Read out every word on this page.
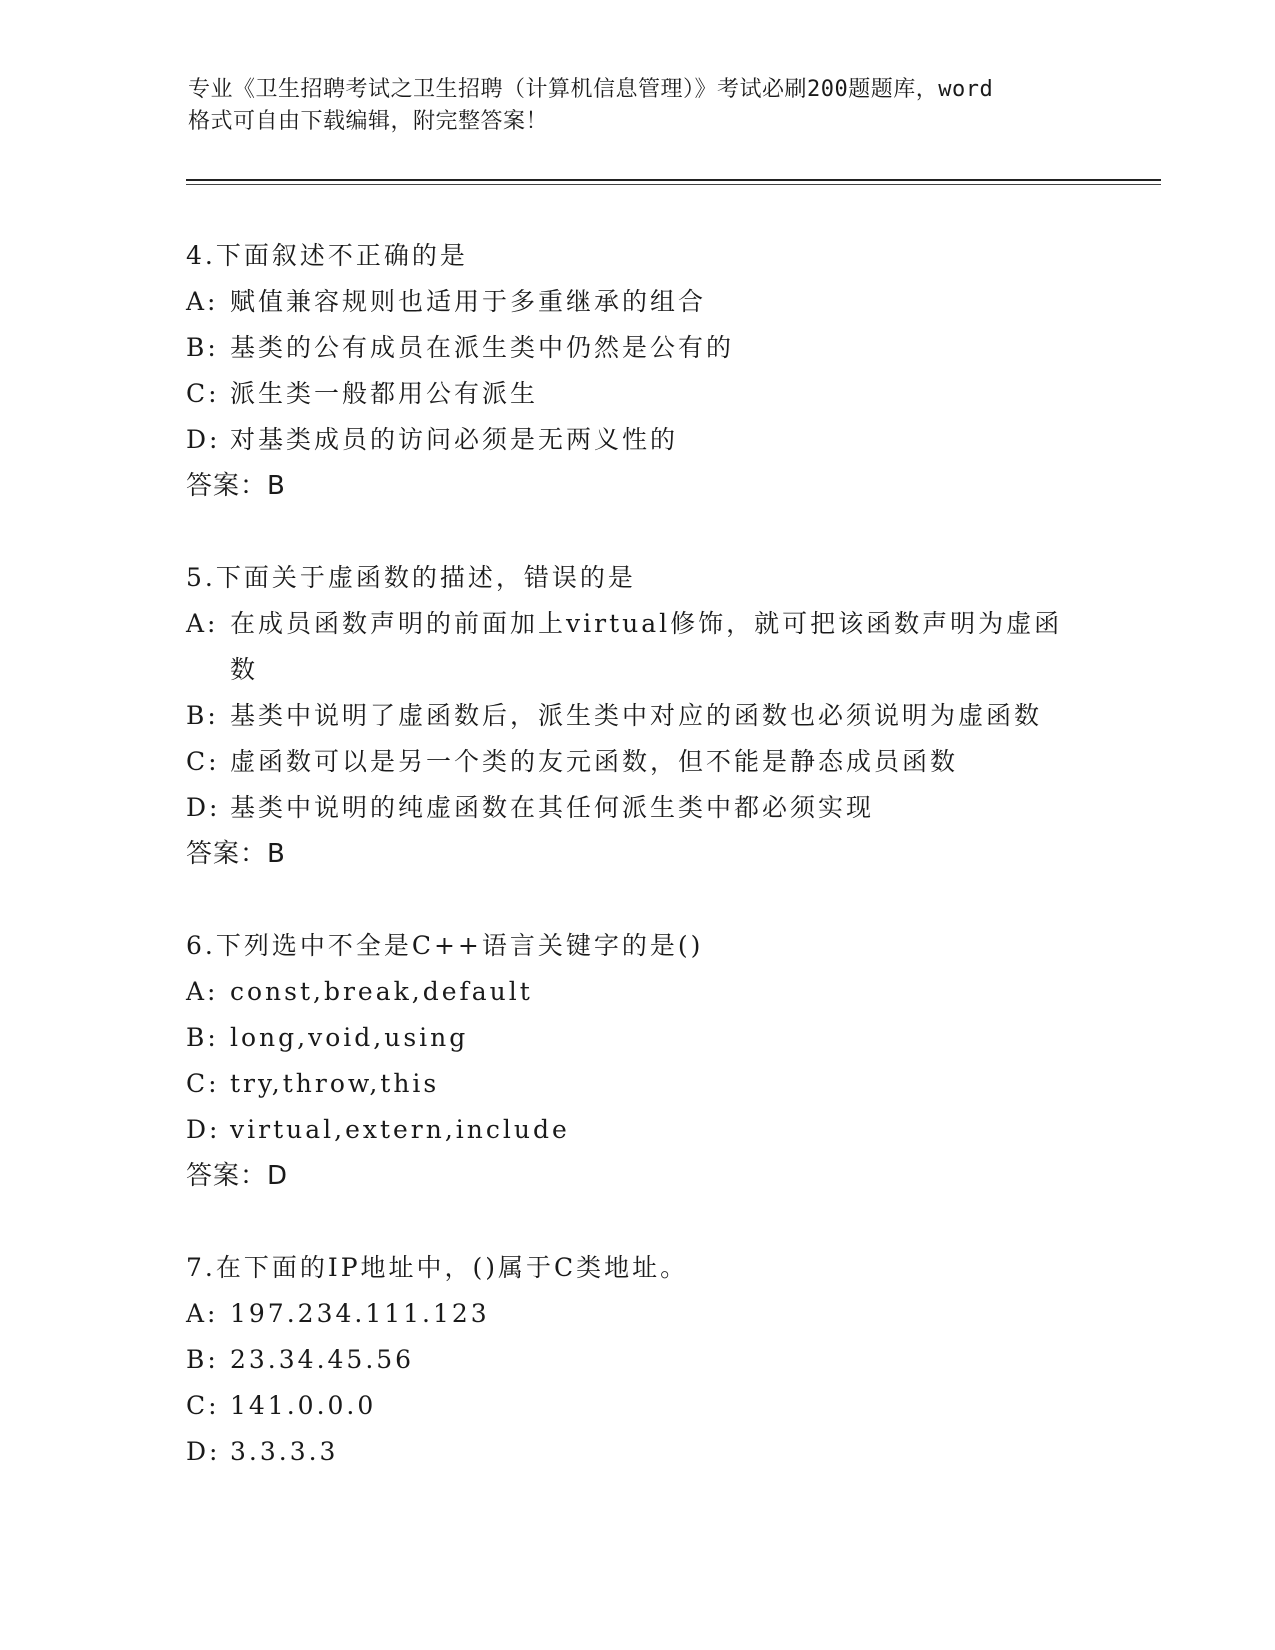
专业《卫生招聘考试之卫生招聘（计算机信息管理）》考试必刷200题题库，word
格式可自由下载编辑，附完整答案！
4.下面叙述不正确的是
A: 赋值兼容规则也适用于多重继承的组合
B: 基类的公有成员在派生类中仍然是公有的
C: 派生类一般都用公有派生
D: 对基类成员的访问必须是无两义性的
答案：B
5.下面关于虚函数的描述，错误的是
A: 在成员函数声明的前面加上virtual修饰，就可把该函数声明为虚函数
B: 基类中说明了虚函数后，派生类中对应的函数也必须说明为虚函数
C: 虚函数可以是另一个类的友元函数，但不能是静态成员函数
D: 基类中说明的纯虚函数在其任何派生类中都必须实现
答案：B
6.下列选中不全是C++语言关键字的是()
A: const,break,default
B: long,void,using
C: try,throw,this
D: virtual,extern,include
答案：D
7.在下面的IP地址中，()属于C类地址。
A: 197.234.111.123
B: 23.34.45.56
C: 141.0.0.0
D: 3.3.3.3
